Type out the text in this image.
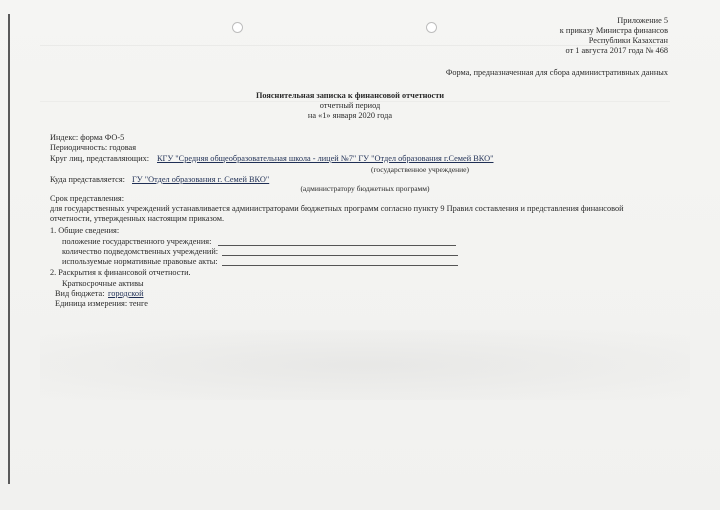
Приложение 5
к приказу Министра финансов
Республики Казахстан
от 1 августа 2017 года № 468
Форма, предназначенная для сбора административных данных
Пояснительная записка к финансовой отчетности
отчетный период
на «1» января 2020 года
Индекс: форма ФО-5
Периодичность: годовая
Круг лиц, представляющих: КГУ "Средняя общеобразовательная школа - лицей №7" ГУ "Отдел образования г.Семей ВКО"
(государственное учреждение)
Куда представляется: ГУ "Отдел образования г. Семей ВКО"
(администратору бюджетных программ)
Срок представления:
для государственных учреждений устанавливается администраторами бюджетных программ согласно пункту 9 Правил составления и представления финансовой
отчетности, утвержденных настоящим приказом.
1. Общие сведения:
положение государственного учреждения:
количество подведомственных учреждений:
используемые нормативные правовые акты:
2. Раскрытия к финансовой отчетности.
Краткосрочные активы
Вид бюджета: городской
Единица измерения: тенге
